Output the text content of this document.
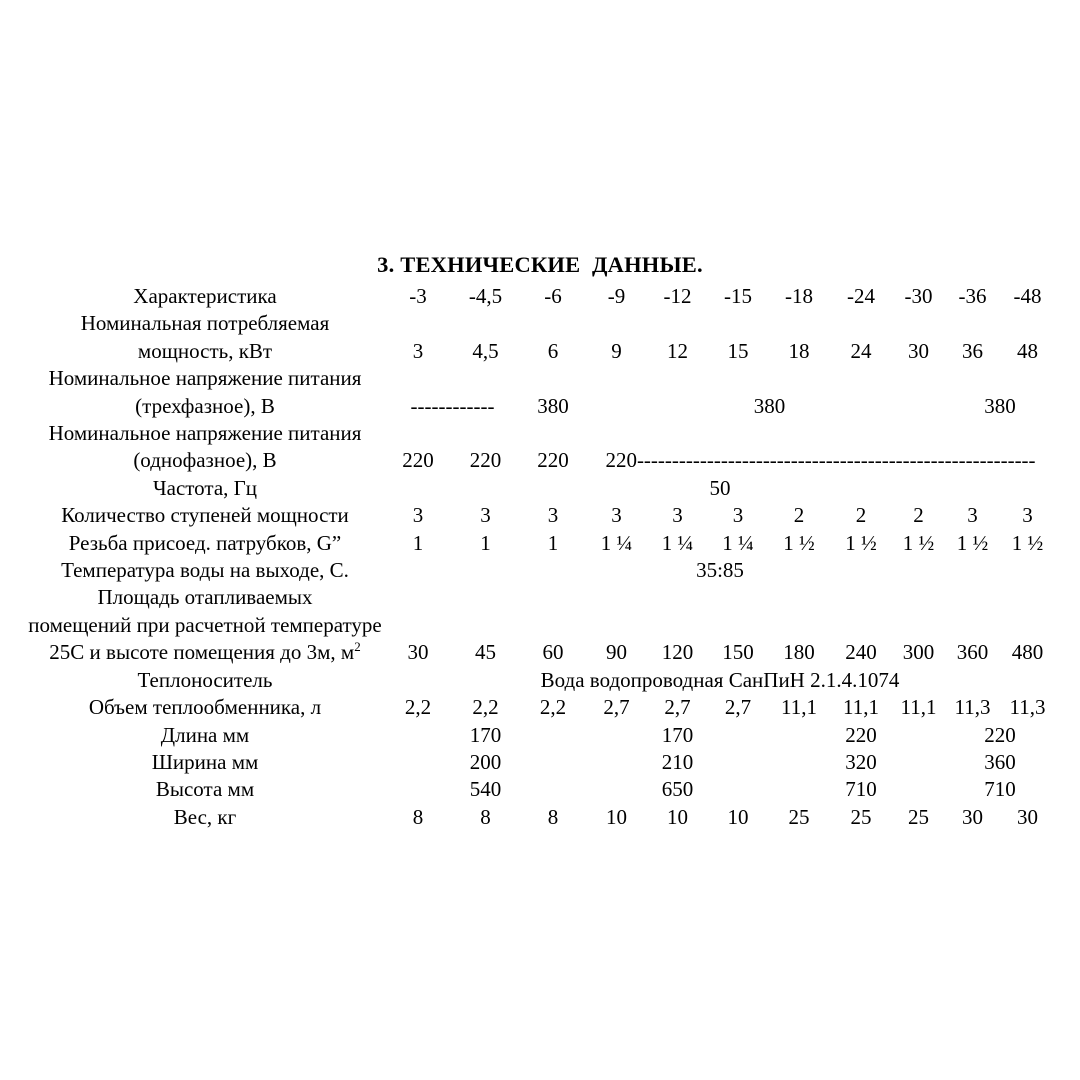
3. ТЕХНИЧЕСКИЕ  ДАННЫЕ.
Характеристика	-3	-4,5	-6	-9	-12	-15	-18	-24	-30	-36	-48
Номинальная потребляемая											
мощность, кВт	3	4,5	6	9	12	15	18	24	30	36	48
Номинальное напряжение питания											
(трехфазное), В	------------		380		380					380	
Номинальное напряжение питания											
(однофазное), В	220	220	220	220---------------------------------------------------------							
Частота, Гц	50										
Количество ступеней мощности	3	3	3	3	3	3	2	2	2	3	3
Резьба присоед. патрубков, G”	1	1	1	1 ¼	1 ¼	1 ¼	1 ½	1 ½	1 ½	1 ½	1 ½
Температура воды на выходе, С.	35:85										
Площадь отапливаемых											
помещений при расчетной температуре											
25С и высоте помещения до 3м, $м^2$	30	45	60	90	120	150	180	240	300	360	480
Теплоноситель	Вода водопроводная СанПиН 2.1.4.1074										
Объем теплообменника, л	2,2	2,2	2,2	2,7	2,7	2,7	11,1	11,1	11,1	11,3	11,3
Длина мм		170			170			220		220	
Ширина мм		200			210			320		360	
Высота мм		540			650			710		710	
Вес, кг	8	8	8	10	10	10	25	25	25	30	30
